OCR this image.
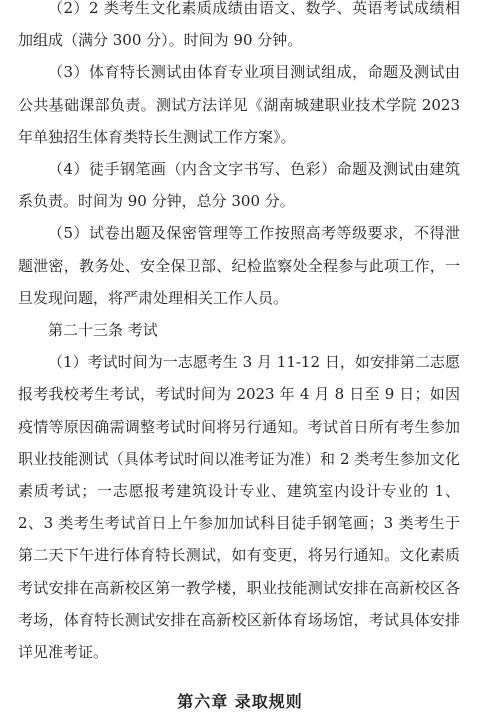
（2）2 类考生文化素质成绩由语文、数学、英语考试成绩相加组成（满分 300 分）。时间为 90 分钟。

（3）体育特长测试由体育专业项目测试组成，命题及测试由公共基础课部负责。测试方法详见《湖南城建职业技术学院 2023 年单独招生体育类特长生测试工作方案》。

（4）徒手钢笔画（内含文字书写、色彩）命题及测试由建筑系负责。时间为 90 分钟，总分 300 分。

（5）试卷出题及保密管理等工作按照高考等级要求，不得泄题泄密，教务处、安全保卫部、纪检监察处全程参与此项工作，一旦发现问题，将严肃处理相关工作人员。

第二十三条 考试

（1）考试时间为一志愿考生 3 月 11-12 日，如安排第二志愿报考我校考生考试，考试时间为 2023 年 4 月 8 日至 9 日；如因疫情等原因确需调整考试时间将另行通知。考试首日所有考生参加职业技能测试（具体考试时间以准考证为准）和 2 类考生参加文化素质考试；一志愿报考建筑设计专业、建筑室内设计专业的 1、2、3 类考生考试首日上午参加加试科目徒手钢笔画；3 类考生于第二天下午进行体育特长测试，如有变更，将另行通知。文化素质考试安排在高新校区第一教学楼，职业技能测试安排在高新校区各考场，体育特长测试安排在高新校区新体育场场馆，考试具体安排详见准考证。

第六章 录取规则
